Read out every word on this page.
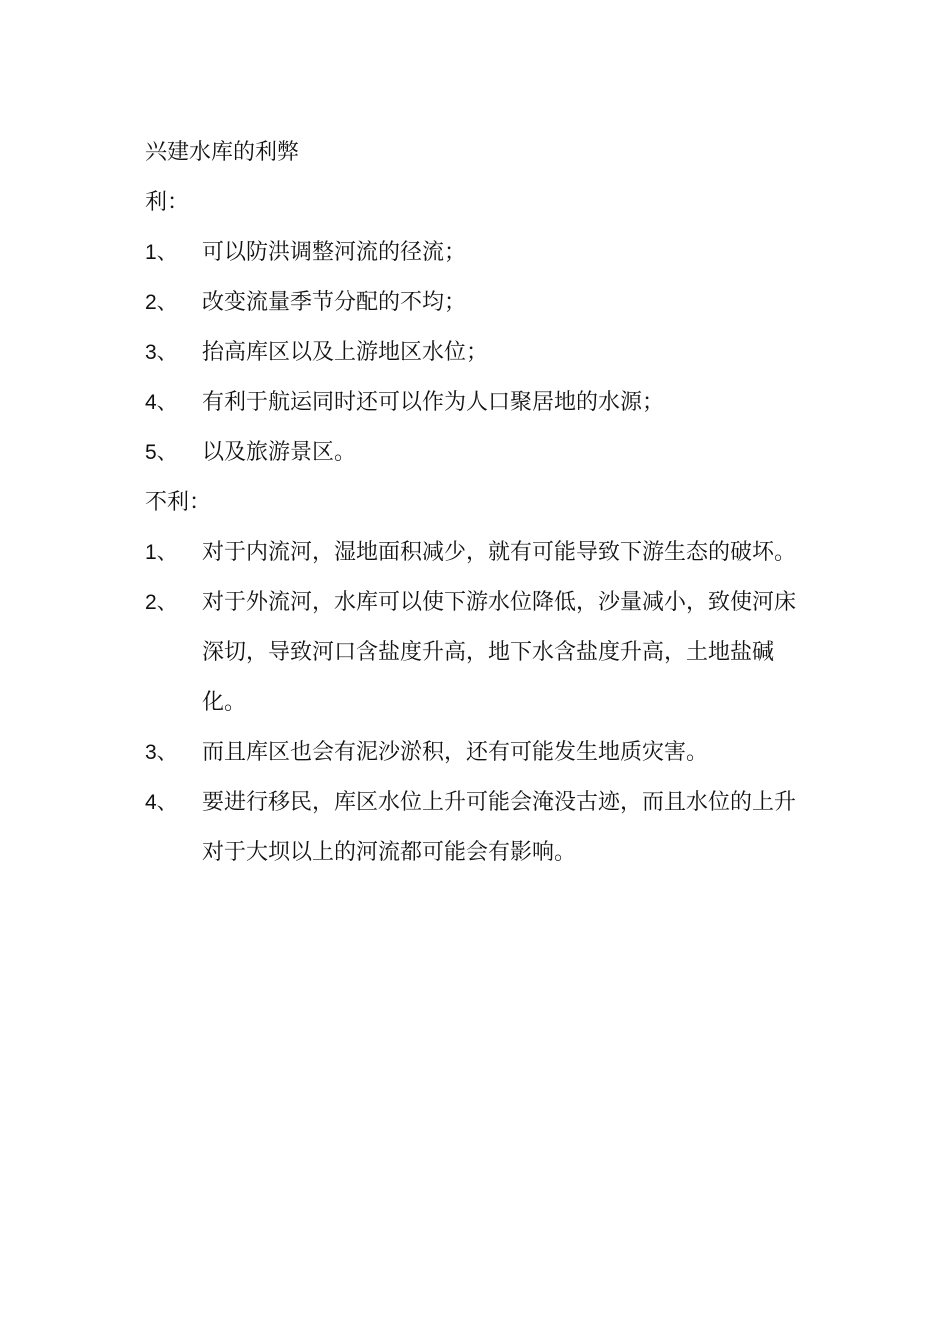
兴建水库的利弊

利：

1、	可以防洪调整河流的径流；
2、	改变流量季节分配的不均；
3、	抬高库区以及上游地区水位；
4、	有利于航运同时还可以作为人口聚居地的水源；
5、	以及旅游景区。

不利：

1、	对于内流河，湿地面积减少，就有可能导致下游生态的破坏。
2、	对于外流河，水库可以使下游水位降低，沙量减小，致使河床深切，导致河口含盐度升高，地下水含盐度升高，土地盐碱化。
3、	而且库区也会有泥沙淤积，还有可能发生地质灾害。
4、	要进行移民，库区水位上升可能会淹没古迹，而且水位的上升对于大坝以上的河流都可能会有影响。
